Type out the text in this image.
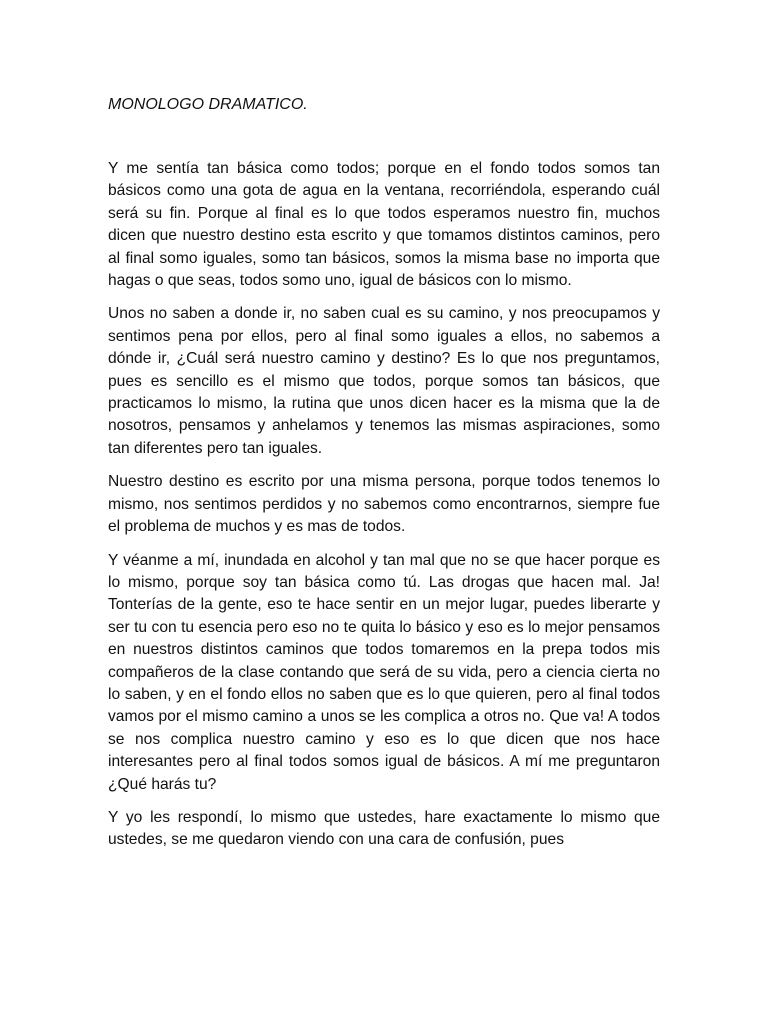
MONOLOGO DRAMATICO.

Y me sentía tan básica como todos; porque en el fondo todos somos tan básicos como una gota de agua en la ventana, recorriéndola, esperando cuál será su fin. Porque al final es lo que todos esperamos nuestro fin, muchos dicen que nuestro destino esta escrito y que tomamos distintos caminos, pero al final somo iguales, somo tan básicos, somos la misma base no importa que hagas o que seas, todos somo uno, igual de básicos con lo mismo.

Unos no saben a donde ir, no saben cual es su camino, y nos preocupamos y sentimos pena por ellos, pero al final somo iguales a ellos, no sabemos a dónde ir, ¿Cuál será nuestro camino y destino? Es lo que nos preguntamos, pues es sencillo es el mismo que todos, porque somos tan básicos, que practicamos lo mismo, la rutina que unos dicen hacer es la misma que la de nosotros, pensamos y anhelamos y tenemos las mismas aspiraciones, somo tan diferentes pero tan iguales.

Nuestro destino es escrito por una misma persona, porque todos tenemos lo mismo, nos sentimos perdidos y no sabemos como encontrarnos, siempre fue el problema de muchos y es mas de todos.

Y véanme a mí, inundada en alcohol y tan mal que no se que hacer porque es lo mismo, porque soy tan básica como tú. Las drogas que hacen mal. Ja! Tonterías de la gente, eso te hace sentir en un mejor lugar, puedes liberarte y ser tu con tu esencia pero eso no te quita lo básico y eso es lo mejor pensamos en nuestros distintos caminos que todos tomaremos en la prepa todos mis compañeros de la clase contando que será de su vida, pero a ciencia cierta no lo saben, y en el fondo ellos no saben que es lo que quieren, pero al final todos vamos por el mismo camino a unos se les complica a otros no. Que va! A todos se nos complica nuestro camino y eso es lo que dicen que nos hace interesantes pero al final todos somos igual de básicos. A mí me preguntaron ¿Qué harás tu?

Y yo les respondí, lo mismo que ustedes, hare exactamente lo mismo que ustedes, se me quedaron viendo con una cara de confusión, pues
